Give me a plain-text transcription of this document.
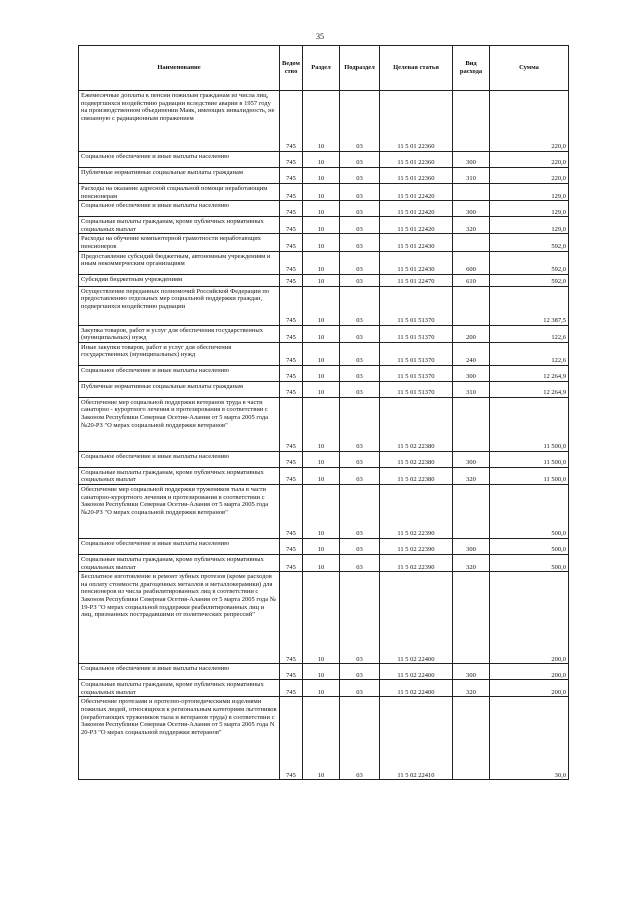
35
Наименование	Ведом ство	Раздел	Подраздел	Целевая статья	Вид расхода	Сумма
Ежемесячные доплаты к пенсии пожилым гражданам из числа лиц, подвергшихся воздействию радиации вследствие аварии в 1957 году на производственном объединении Маяк, имеющих инвалидность, не связанную с радиационным поражением	745	10	03	11 5 01 22360		220,0
Социальное обеспечение и иные выплаты населению	745	10	03	11 5 01 22360	300	220,0
Публичные нормативные социальные выплаты гражданам	745	10	03	11 5 01 22360	310	220,0
Расходы на оказание адресной социальной помощи неработающим пенсионерам	745	10	03	11 5 01 22420		129,0
Социальное обеспечение и иные выплаты населению	745	10	03	11 5 01 22420	300	129,0
Социальные выплаты гражданам, кроме публичных нормативных социальных выплат	745	10	03	11 5 01 22420	320	129,0
Расходы на обучение компьютерной грамотности неработающих пенсионеров	745	10	03	11 5 01 22430		592,0
Предоставление субсидий бюджетным, автономным учреждениям и иным некоммерческим организациям	745	10	03	11 5 01 22430	600	592,0
Субсидии бюджетным учреждениям	745	10	03	11 5 01 22470	610	592,0
Осуществление переданных полномочий Российской Федерации по предоставлению отдельных мер социальной поддержки граждан, подвергшихся воздействию радиации	745	10	03	11 5 01 51370		12 387,5
Закупка товаров, работ и услуг для обеспечения государственных (муниципальных) нужд	745	10	03	11 5 01 51370	200	122,6
Иные закупки товаров, работ и услуг для обеспечения государственных (муниципальных) нужд	745	10	03	11 5 01 51370	240	122,6
Социальное обеспечение и иные выплаты населению	745	10	03	11 5 01 51370	300	12 264,9
Публичные нормативные социальные выплаты гражданам	745	10	03	11 5 01 51370	310	12 264,9
Обеспечение мер социальной поддержки ветеранов труда в части санаторно - курортного лечения и протезирования в соответствии с Законом Республики Северная Осетия-Алания от 5 марта 2005 года №20-РЗ "О мерах социальной поддержки ветеранов"	745	10	03	11 5 02 22380		11 500,0
Социальное обеспечение и иные выплаты населению	745	10	03	11 5 02 22380	300	11 500,0
Социальные выплаты гражданам, кроме публичных нормативных социальных выплат	745	10	03	11 5 02 22380	320	11 500,0
Обеспечение мер социальной поддержки тружеников тыла в части санаторно-курортного лечения и протезирования в соответствии с Законом Республики Северная Осетия-Алания от 5 марта 2005 года №20-РЗ "О мерах социальной поддержки ветеранов"	745	10	03	11 5 02 22390		500,0
Социальное обеспечение и иные выплаты населению	745	10	03	11 5 02 22390	300	500,0
Социальные выплаты гражданам, кроме публичных нормативных социальных выплат	745	10	03	11 5 02 22390	320	500,0
Бесплатное изготовление и ремонт зубных протезов (кроме расходов на оплату стоимости драгоценных металлов и металлокерамики) для пенсионеров из числа реабилитированных лиц в соответствии с Законом Республики Северная Осетия-Алания от 5 марта 2005 года № 19-РЗ "О мерах социальной поддержки реабилитированных лиц и лиц, признанных пострадавшими от политических репрессий"	745	10	03	11 5 02 22400		200,0
Социальное обеспечение и иные выплаты населению	745	10	03	11 5 02 22400	300	200,0
Социальные выплаты гражданам, кроме публичных нормативных социальных выплат	745	10	03	11 5 02 22400	320	200,0
Обеспечение протезами и протезно-ортопедическими изделиями пожилых людей, относящихся к региональным категориям льготников (неработающих тружеников тыла и ветеранов труда) в соответствии с Законом Республики Северная Осетия-Алания от 5 марта 2005 года N 20-РЗ "О мерах социальной поддержки ветеранов"	745	10	03	11 5 02 22410		30,0
